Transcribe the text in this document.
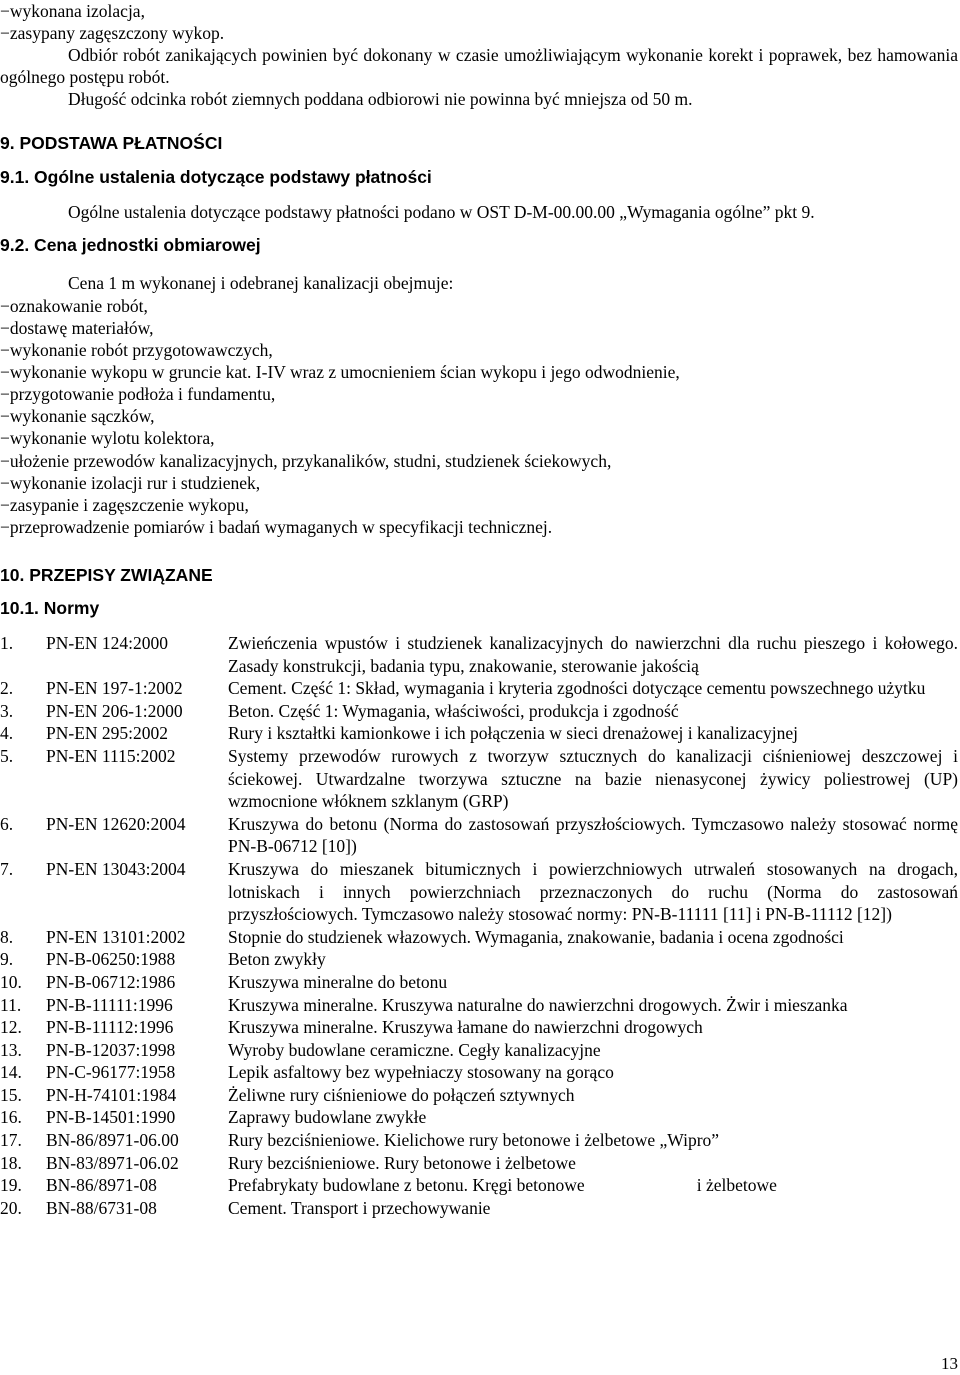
− wykonana izolacja,
− zasypany zagęszczony wykop.
Odbiór robót zanikających powinien być dokonany w czasie umożliwiającym wykonanie korekt i poprawek, bez hamowania ogólnego postępu robót.
Długość odcinka robót ziemnych poddana odbiorowi nie powinna być mniejsza od 50 m.
9. PODSTAWA PŁATNOŚCI
9.1. Ogólne ustalenia dotyczące podstawy płatności
Ogólne ustalenia dotyczące podstawy płatności podano w OST D-M-00.00.00 „Wymagania ogólne” pkt 9.
9.2. Cena jednostki obmiarowej
Cena 1 m wykonanej i odebranej kanalizacji obejmuje:
− oznakowanie robót,
− dostawę materiałów,
− wykonanie robót przygotowawczych,
− wykonanie wykopu w gruncie kat. I-IV wraz z umocnieniem ścian wykopu i jego odwodnienie,
− przygotowanie podłoża i fundamentu,
− wykonanie sączków,
− wykonanie wylotu kolektora,
− ułożenie przewodów kanalizacyjnych, przykanalików, studni, studzienek ściekowych,
− wykonanie izolacji rur i studzienek,
− zasypanie i zagęszczenie wykopu,
− przeprowadzenie pomiarów i badań wymaganych w specyfikacji technicznej.
10. PRZEPISY ZWIĄZANE
10.1. Normy
1.	PN-EN 124:2000	Zwieńczenia wpustów i studzienek kanalizacyjnych do nawierzchni dla ruchu pieszego i kołowego. Zasady konstrukcji, badania typu, znakowanie, sterowanie jakością
2.	PN-EN 197-1:2002	Cement. Część 1: Skład, wymagania i kryteria zgodności dotyczące cementu powszechnego użytku
3.	PN-EN 206-1:2000	Beton. Część 1: Wymagania, właściwości, produkcja i zgodność
4.	PN-EN 295:2002	Rury i kształtki kamionkowe i ich połączenia w sieci drenażowej i kanalizacyjnej
5.	PN-EN 1115:2002	Systemy przewodów rurowych z tworzyw sztucznych do kanalizacji ciśnieniowej deszczowej i ściekowej. Utwardzalne tworzywa sztuczne na bazie nienasyconej żywicy poliestrowej (UP) wzmocnione włóknem szklanym (GRP)
6.	PN-EN 12620:2004	Kruszywa do betonu (Norma do zastosowań przyszłościowych. Tymczasowo należy stosować normę PN-B-06712 [10])
7.	PN-EN 13043:2004	Kruszywa do mieszanek bitumicznych i powierzchniowych utrwaleń stosowanych na drogach, lotniskach i innych powierzchniach przeznaczonych do ruchu (Norma do zastosowań przyszłościowych. Tymczasowo należy stosować normy: PN-B-11111 [11] i PN-B-11112 [12])
8.	PN-EN 13101:2002	Stopnie do studzienek włazowych. Wymagania, znakowanie, badania i ocena zgodności
9.	PN-B-06250:1988	Beton zwykły
10.	PN-B-06712:1986	Kruszywa mineralne do betonu
11.	PN-B-11111:1996	Kruszywa mineralne. Kruszywa naturalne do nawierzchni drogowych. Żwir i mieszanka
12.	PN-B-11112:1996	Kruszywa mineralne. Kruszywa łamane do nawierzchni drogowych
13.	PN-B-12037:1998	Wyroby budowlane ceramiczne. Cegły kanalizacyjne
14.	PN-C-96177:1958	Lepik asfaltowy bez wypełniaczy stosowany na gorąco
15.	PN-H-74101:1984	Żeliwne rury ciśnieniowe do połączeń sztywnych
16.	PN-B-14501:1990	Zaprawy budowlane zwykłe
17.	BN-86/8971-06.00	Rury bezciśnieniowe. Kielichowe rury betonowe i żelbetowe „Wipro”
18.	BN-83/8971-06.02	Rury bezciśnieniowe. Rury betonowe i żelbetowe
19.	BN-86/8971-08	Prefabrykaty budowlane z betonu. Kręgi betonowe i żelbetowe
20.	BN-88/6731-08	Cement. Transport i przechowywanie
13
